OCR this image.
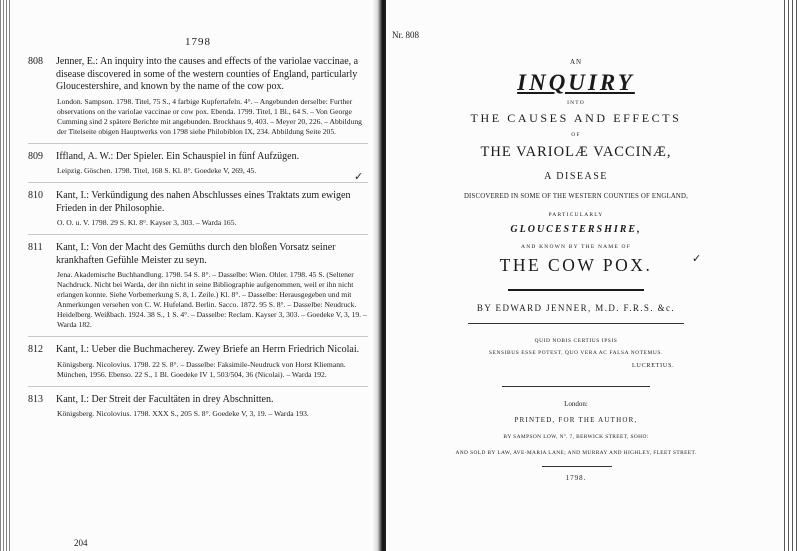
1798
808 Jenner, E.: An inquiry into the causes and effects of the variolae vaccinae, a disease discovered in some of the western counties of England, particularly Gloucestershire, and known by the name of the cow pox.
London. Sampson. 1798. Titel, 75 S., 4 farbige Kupfertafeln. 4°. – Angebunden derselbe: Further observations on the variolae vaccinae or cow pox. Ebenda. 1799. Titel, 1 Bl., 64 S. – Von George Cumming sind 2 spätere Berichte mit angebunden. Brockhaus 9, 403. – Meyer 20, 226. – Abbildung der Titelseite obigen Hauptwerks von 1798 siehe Philobiblon IX, 234. Abbildung Seite 205.
809 Iffland, A. W.: Der Spieler. Ein Schauspiel in fünf Aufzügen.
Leipzig. Göschen. 1798. Titel, 168 S. Kl. 8°. Goedeke V, 269, 45.
810 Kant, I.: Verkündigung des nahen Abschlusses eines Traktats zum ewigen Frieden in der Philosophie.
O. O. u. V. 1798. 29 S. Kl. 8°. Kayser 3, 303. – Warda 165.
811 Kant, I.: Von der Macht des Gemüths durch den bloßen Vorsatz seiner krankhaften Gefühle Meister zu seyn.
Jena. Akademische Buchhandlung. 1798. 54 S. 8°. – Dasselbe: Wien. Ohler. 1798. 45 S. (Seltener Nachdruck. Nicht bei Warda, der ihn nicht in seine Bibliographie aufgenommen, weil er ihn nicht erlangen konnte. Siehe Vorbemerkung S. 8, 1. Zeile.) Kl. 8°. – Dasselbe: Herausgegeben und mit Anmerkungen versehen von C. W. Hufeland. Berlin. Sacco. 1872. 95 S. 8°. – Dasselbe: Neudruck. Heidelberg. Weißbach. 1924. 38 S., 1 S. 4°. – Dasselbe: Reclam. Kayser 3, 303. – Goedeke V, 3, 19. – Warda 182.
812 Kant, I.: Ueber die Buchmacherey. Zwey Briefe an Herrn Friedrich Nicolai.
Königsberg. Nicolovius. 1798. 22 S. 8°. – Dasselbe: Faksimile-Neudruck von Horst Kliemann. München, 1956. Ebenso. 22 S., 1 Bl. Goedeke IV 1, 503/504, 36 (Nicolai). – Warda 192.
813 Kant, I.: Der Streit der Facultäten in drey Abschnitten.
Königsberg. Nicolovius. 1798. XXX S., 205 S. 8°. Goedeke V, 3, 19. – Warda 193.
✓
204
Nr. 808
AN
INQUIRY
INTO
THE CAUSES AND EFFECTS
OF
THE VARIOLÆ VACCINÆ,
A DISEASE
DISCOVERED IN SOME OF THE WESTERN COUNTIES OF ENGLAND,
PARTICULARLY
GLOUCESTERSHIRE,
AND KNOWN BY THE NAME OF
THE COW POX.	✓
BY EDWARD JENNER, M.D. F.R.S. &c.
QUID NOBIS CERTIUS IPSIS
SENSIBUS ESSE POTEST, QUO VERA AC FALSA NOTEMUS.
LUCRETIUS.
London:
PRINTED, FOR THE AUTHOR,
BY SAMPSON LOW, Nº. 7, BERWICK STREET, SOHO:
AND SOLD BY LAW, AVE-MARIA LANE; AND MURRAY AND HIGHLEY, FLEET STREET.
1798.
